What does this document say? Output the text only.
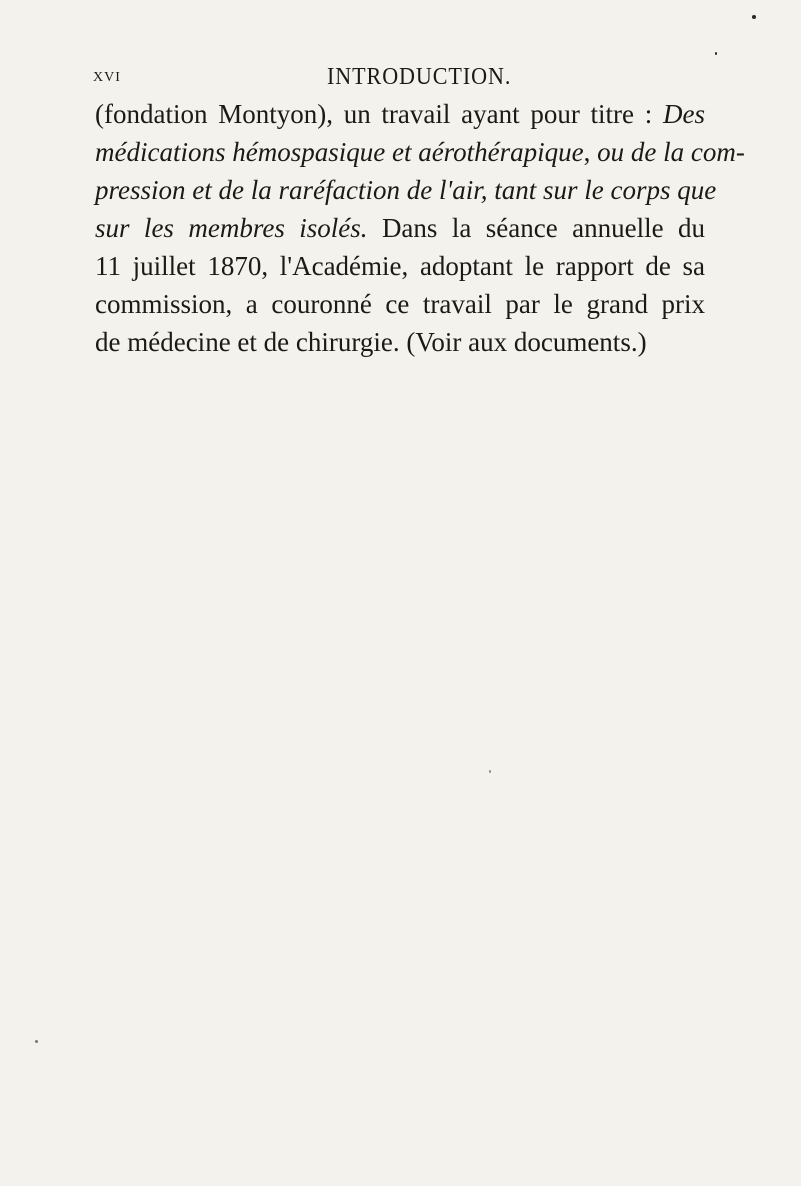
XVI	INTRODUCTION.
(fondation Montyon), un travail ayant pour titre : Des
médications hémospasique et aérothérapique, ou de la com-
pression et de la raréfaction de l'air, tant sur le corps que
sur les membres isolés. Dans la séance annuelle du
11 juillet 1870, l'Académie, adoptant le rapport de sa
commission, a couronné ce travail par le grand prix
de médecine et de chirurgie. (Voir aux documents.)
